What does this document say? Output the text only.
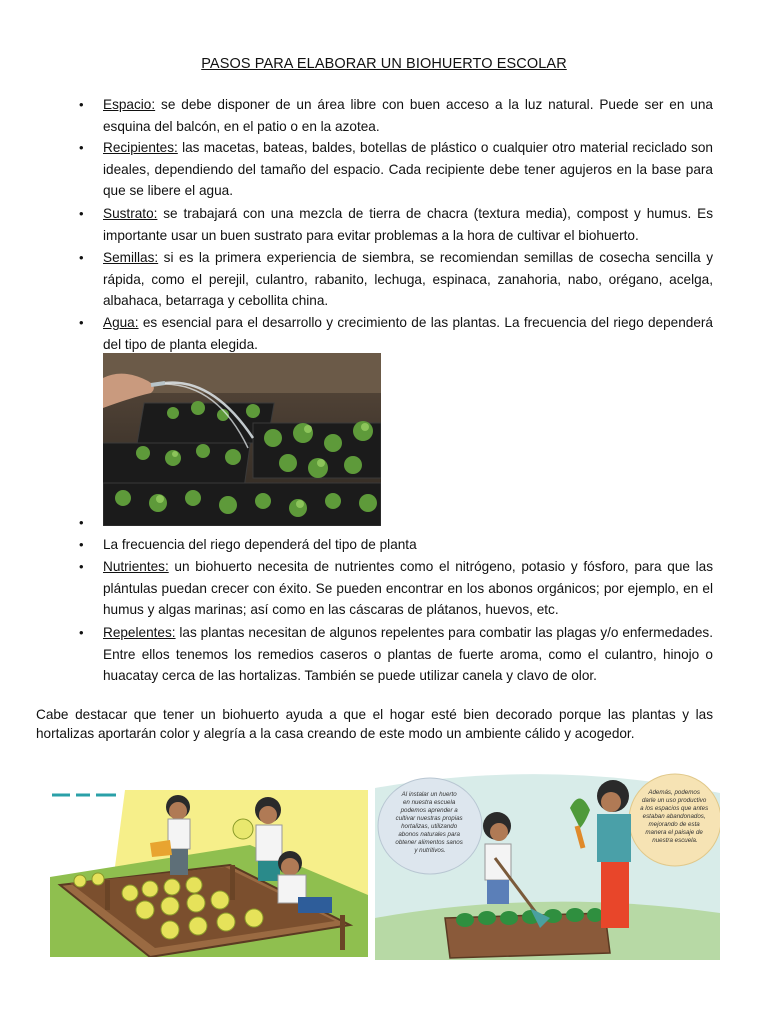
PASOS PARA ELABORAR UN BIOHUERTO ESCOLAR
• Espacio: se debe disponer de un área libre con buen acceso a la luz natural. Puede ser en una esquina del balcón, en el patio o en la azotea.
• Recipientes: las macetas, bateas, baldes, botellas de plástico o cualquier otro material reciclado son ideales, dependiendo del tamaño del espacio. Cada recipiente debe tener agujeros en la base para que se libere el agua.
• Sustrato: se trabajará con una mezcla de tierra de chacra (textura media), compost y humus. Es importante usar un buen sustrato para evitar problemas a la hora de cultivar el biohuerto.
• Semillas: si es la primera experiencia de siembra, se recomiendan semillas de cosecha sencilla y rápida, como el perejil, culantro, rabanito, lechuga, espinaca, zanahoria, nabo, orégano, acelga, albahaca, betarraga y cebollita china.
• Agua: es esencial para el desarrollo y crecimiento de las plantas. La frecuencia del riego dependerá del tipo de planta elegida.
•
• La frecuencia del riego dependerá del tipo de planta
• Nutrientes: un biohuerto necesita de nutrientes como el nitrógeno, potasio y fósforo, para que las plántulas puedan crecer con éxito. Se pueden encontrar en los abonos orgánicos; por ejemplo, en el humus y algas marinas; así como en las cáscaras de plátanos, huevos, etc.
• Repelentes: las plantas necesitan de algunos repelentes para combatir las plagas y/o enfermedades. Entre ellos tenemos los remedios caseros o plantas de fuerte aroma, como el culantro, hinojo o huacatay cerca de las hortalizas. También se puede utilizar canela y clavo de olor.
Cabe destacar que tener un biohuerto ayuda a que el hogar esté bien decorado porque las plantas y las hortalizas aportarán color y alegría a la casa creando de este modo un ambiente cálido y acogedor.
Al instalar un huerto en nuestra escuela podemos aprender a cultivar nuestras propias hortalizas, utilizando abonos naturales para obtener alimentos sanos y nutritivos.
Además, podemos darle un uso productivo a los espacios que antes estaban abandonados, mejorando de esta manera el paisaje de nuestra escuela.
